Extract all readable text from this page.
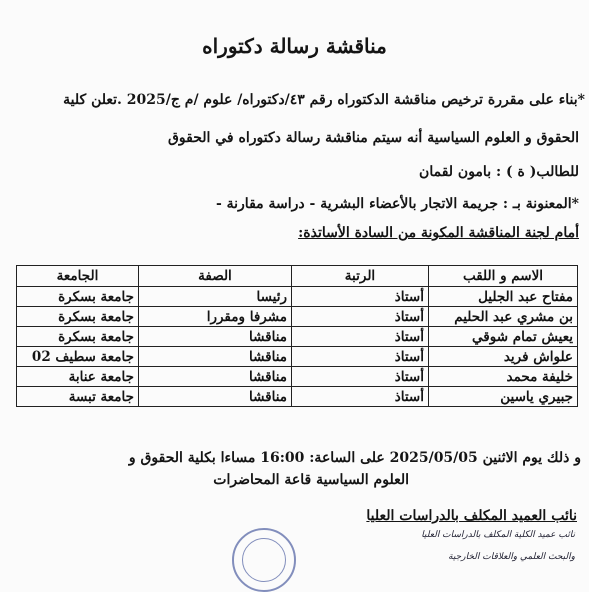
مناقشة رسالة دكتوراه
*بناء على مقررة ترخيص مناقشة الدكتوراه رقم ٤٣/دكتوراه/ علوم /م ج/2025 .تعلن كلية
الحقوق و العلوم السياسية أنه سيتم مناقشة رسالة دكتوراه في الحقوق
للطالب( ة ) : بامون لقمان
*المعنونة بـ : جريمة الاتجار بالأعضاء البشرية - دراسة مقارنة -
أمام لجنة المناقشة المكونة من السادة الأساتذة:
الاسم و اللقب	الرتبة	الصفة	الجامعة
مفتاح عبد الجليل	أستاذ	رئيسا	جامعة بسكرة
بن مشري عبد الحليم	أستاذ	مشرفا ومقررا	جامعة بسكرة
يعيش تمام شوقي	أستاذ	مناقشا	جامعة بسكرة
علواش فريد	أستاذ	مناقشا	جامعة سطيف 02
خليفة محمد	أستاذ	مناقشا	جامعة عنابة
جبيري ياسين	أستاذ	مناقشا	جامعة تبسة
و ذلك يوم الاثنين 2025/05/05 على الساعة: 16:00 مساءا بكلية الحقوق و
العلوم السياسية قاعة المحاضرات
نائب العميد المكلف بالدراسات العليا
نائب عميد الكلية المكلف بالدراسات العليا
والبحث العلمي والعلاقات الخارجية
